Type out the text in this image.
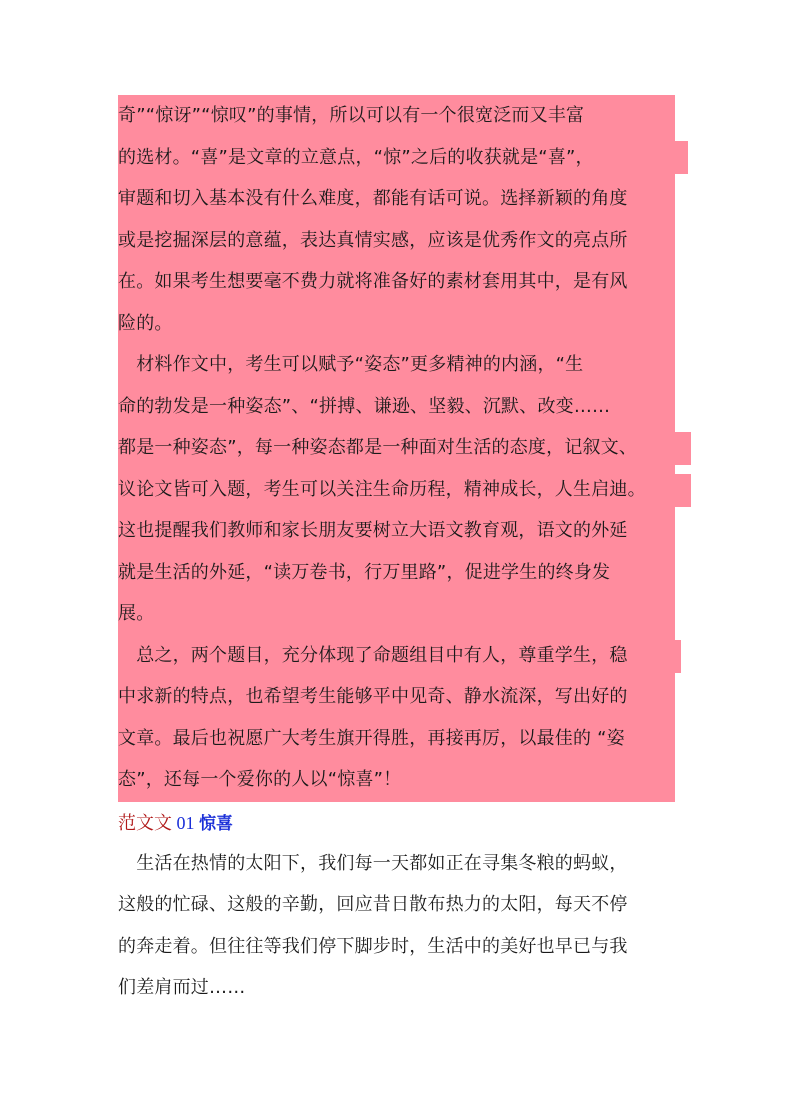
奇”“惊讶”“惊叹”的事情，所以可以有一个很宽泛而又丰富
的选材。“喜”是文章的立意点，“惊”之后的收获就是“喜”，
审题和切入基本没有什么难度，都能有话可说。选择新颖的角度
或是挖掘深层的意蕴，表达真情实感，应该是优秀作文的亮点所
在。如果考生想要毫不费力就将准备好的素材套用其中，是有风
险的。
　材料作文中，考生可以赋予“姿态”更多精神的内涵，“生
命的勃发是一种姿态”、“拼搏、谦逊、坚毅、沉默、改变……
都是一种姿态”，每一种姿态都是一种面对生活的态度，记叙文、
议论文皆可入题，考生可以关注生命历程，精神成长，人生启迪。
这也提醒我们教师和家长朋友要树立大语文教育观，语文的外延
就是生活的外延，“读万卷书，行万里路”，促进学生的终身发
展。
　总之，两个题目，充分体现了命题组目中有人，尊重学生，稳
中求新的特点，也希望考生能够平中见奇、静水流深，写出好的
文章。最后也祝愿广大考生旗开得胜，再接再厉，以最佳的 “姿
态”，还每一个爱你的人以“惊喜”！
范文文 01 惊喜
　生活在热情的太阳下，我们每一天都如正在寻集冬粮的蚂蚁，
这般的忙碌、这般的辛勤，回应昔日散布热力的太阳，每天不停
的奔走着。但往往等我们停下脚步时，生活中的美好也早已与我
们差肩而过……
